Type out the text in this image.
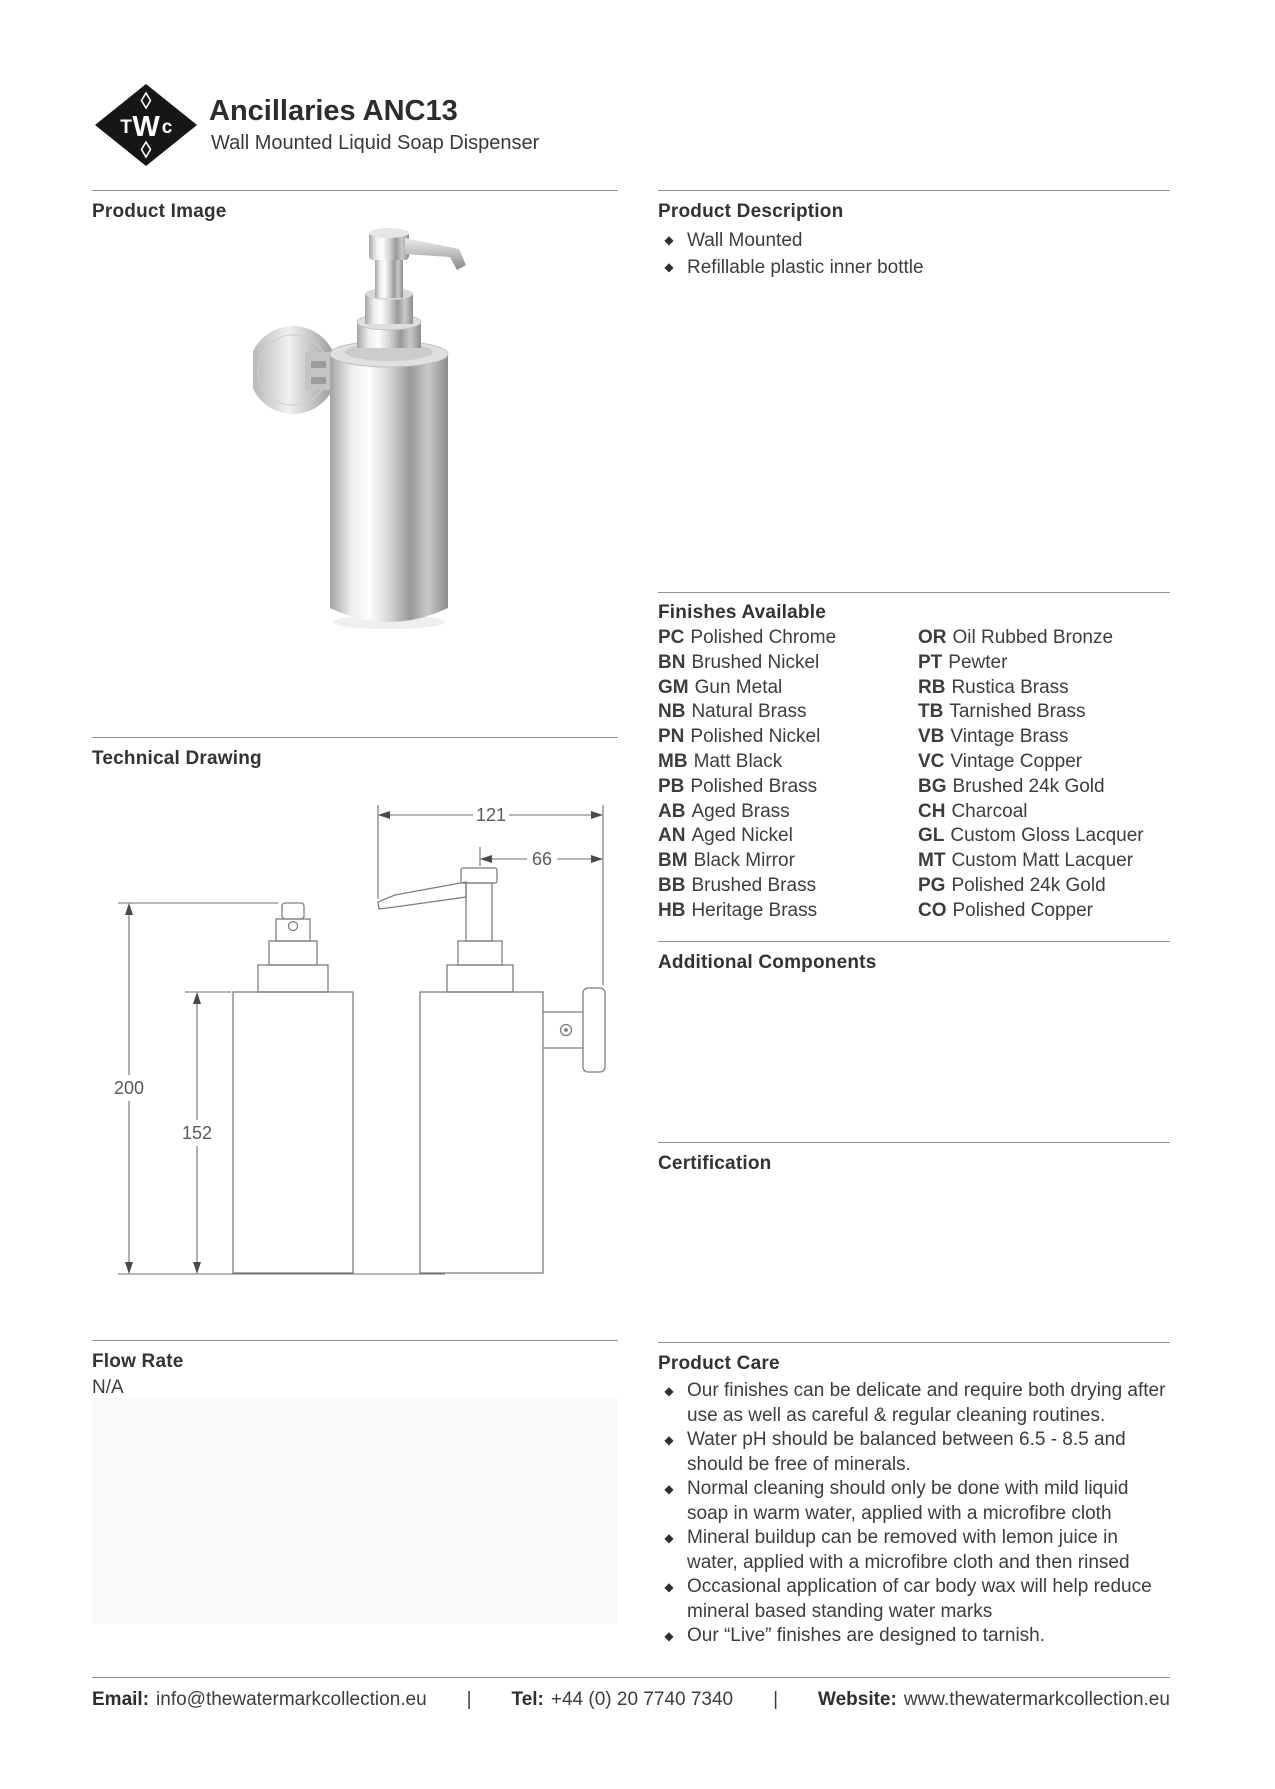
T W c
Ancillaries ANC13
Wall Mounted Liquid Soap Dispenser
Product Image
Technical Drawing
121
66
200
152
Flow Rate
N/A
Product Description
◆ Wall Mounted
◆ Refillable plastic inner bottle
Finishes Available
PC Polished Chrome
BN Brushed Nickel
GM Gun Metal
NB Natural Brass
PN Polished Nickel
MB Matt Black
PB Polished Brass
AB Aged Brass
AN Aged Nickel
BM Black Mirror
BB Brushed Brass
HB Heritage Brass
OR Oil Rubbed Bronze
PT Pewter
RB Rustica Brass
TB Tarnished Brass
VB Vintage Brass
VC Vintage Copper
BG Brushed 24k Gold
CH Charcoal
GL Custom Gloss Lacquer
MT Custom Matt Lacquer
PG Polished 24k Gold
CO Polished Copper
Additional Components
Certification
Product Care
◆ Our finishes can be delicate and require both drying after use as well as careful & regular cleaning routines.
◆ Water pH should be balanced between 6.5 - 8.5 and should be free of minerals.
◆ Normal cleaning should only be done with mild liquid soap in warm water, applied with a microfibre cloth
◆ Mineral buildup can be removed with lemon juice in water, applied with a microfibre cloth and then rinsed
◆ Occasional application of car body wax will help reduce mineral based standing water marks
◆ Our “Live” finishes are designed to tarnish.
Email: info@thewatermarkcollection.eu | Tel: +44 (0) 20 7740 7340 | Website: www.thewatermarkcollection.eu
